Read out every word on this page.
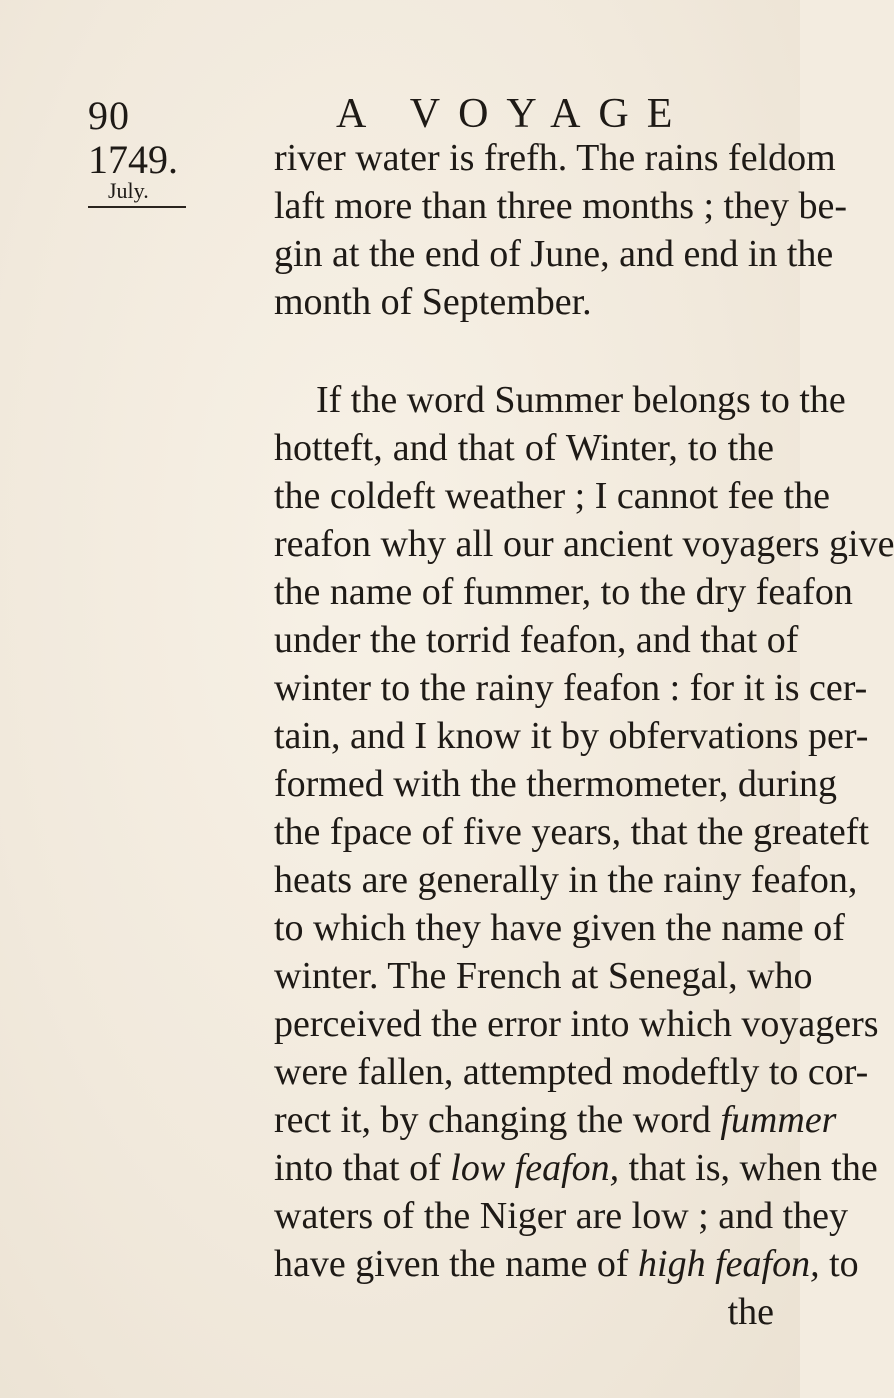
90	A VOYAGE
1749.
July.
river water is frefh. The rains feldom
laft more than three months ; they be-
gin at the end of June, and end in the
month of September.
If the word Summer belongs to the
hotteft, and that of Winter, to the
the coldeft weather ; I cannot fee the
reafon why all our ancient voyagers give
the name of fummer, to the dry feafon
under the torrid feafon, and that of
winter to the rainy feafon : for it is cer-
tain, and I know it by obfervations per-
formed with the thermometer, during
the fpace of five years, that the greateft
heats are generally in the rainy feafon,
to which they have given the name of
winter. The French at Senegal, who
perceived the error into which voyagers
were fallen, attempted modeftly to cor-
rect it, by changing the word fummer
into that of low feafon, that is, when the
waters of the Niger are low ; and they
have given the name of high feafon, to
the
